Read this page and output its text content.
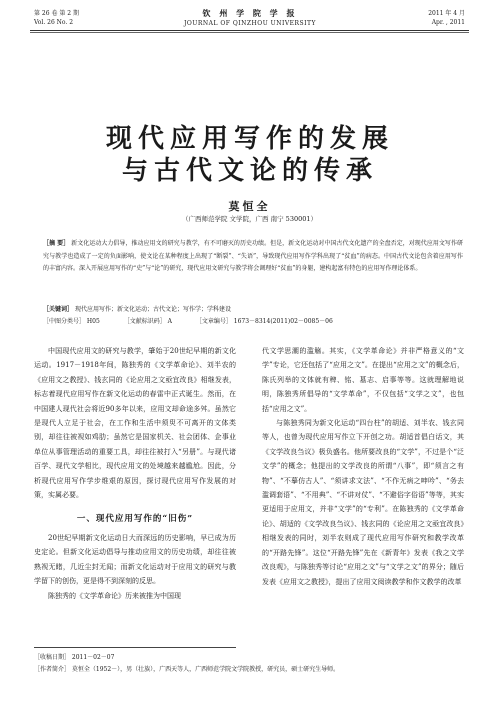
第 26 卷 第 2 期
Vol. 26 No. 2
钦 州 学 院 学 报
JOURNAL OF QINZHOU UNIVERSITY
2011 年 4 月
Apr. , 2011
现代应用写作的发展
与古代文论的传承
莫恒全
（广西师范学院 文学院，广西 南宁 530001）
［摘 要］ 新文化运动大力倡导，推动应用文的研究与教学，有不可磨灭的历史功绩。但是，新文化运动对中国古代文化遗产的全盘否定，对现代应用文写作研究与教学也造成了一定的负面影响，使文论在某种程度上出现了“断裂”、“失语”，导致现代应用写作学科出现了“贫血”的病态。中国古代文论包含着应用写作的丰富内容。深入开展应用写作的“史”与“论”的研究，现代应用文研究与教学将会调理好“贫血”的身躯，建构起富有特色的应用写作理论体系。
［关键词］ 现代应用写作；新文化运动；古代文论；写作学；学科建设
［中图分类号］ H05	［文献标识码］ A	［文章编号］ 1673－8314(2011)02－0085－06

中国现代应用文的研究与教学，肇始于20世纪早期的新文化运动。1917－1918年间，陈独秀的《文学革命论》、刘半农的《应用文之教授》、钱玄同的《论应用之文亟宜改良》相继发表，标志着现代应用写作在新文化运动的春雷中正式诞生。然而，在中国建人现代社会将近90多年以来，应用文却命途多舛。虽然它是现代人立足于社会，在工作和生活中须臾不可离开的文体类别，却往往被视如鸡肋；虽然它是国家机关、社会团体、企事业单位从事管理活动的重要工具，却往往被打入“另册”。与现代诸百学、现代文学相比，现代应用文的处境越来越尴尬。因此，分析现代应用写作学步维艰的原因，探讨现代应用写作发展的对策，实属必要。

一、现代应用写作的“旧伤”

20世纪早期新文化运动日大而深远的历史影响，早已成为历史定论。但新文化运动倡导与推动应用文的历史功绩，却往往被熟视无睹，几近尘封无闻；而新文化运动对于应用文的研究与教学留下的创伤，更是得不到深刻的反思。

陈独秀的《文学革命论》历来被推为中国现

代文学思潮的滥觞。其实，《文学革命论》并非严格意义的“文学”专论，它还包括了“应用之文”。在提出“应用之文”的概念后，陈氏列举的文体就有稗、铭、墓志、启事等等。这就理解地说明，陈独秀所倡导的“文学革命”，不仅包括“文学之文”，也包括“应用之文”。

与陈独秀同为新文化运动“四台柱”的胡适、刘半农、钱玄同等人，也曾为现代应用写作立下开创之功。胡适首倡白话文，其《文学改良刍议》极负盛名。他所要改良的“文学”，不过是个“泛文学”的概念；他提出的文学改良的所谓“八事”，即“须言之有物”、“不摹仿古人”、“须讲求文法”、“不作无病之呻吟”、“务去滥调套语”、“不用典”、“不讲对仗”、“不避俗字俗语”等等，其实更适用于应用文，并非“文学”的“专利”。在陈独秀的《文学革命论》、胡适的《文学改良刍议》、钱玄同的《论应用之文亟宜改良》相继发表的同时，刘半农则成了现代应用写作研究和教学改革的“开路先锋”。这位“开路先锋”先在《新青年》发表《我之文学改良观》，与陈独秀等讨论“应用之文”与“文学之文”的界分；随后发表《应用文之教授》，提出了应用文阅读教学和作文教学的改革

［收稿日期］ 2011－02－07
［作者简介］ 莫恒全（1952－），男（壮族），广西天等人，广西师范学院文学院教授，研究员，硕士研究生导师。
